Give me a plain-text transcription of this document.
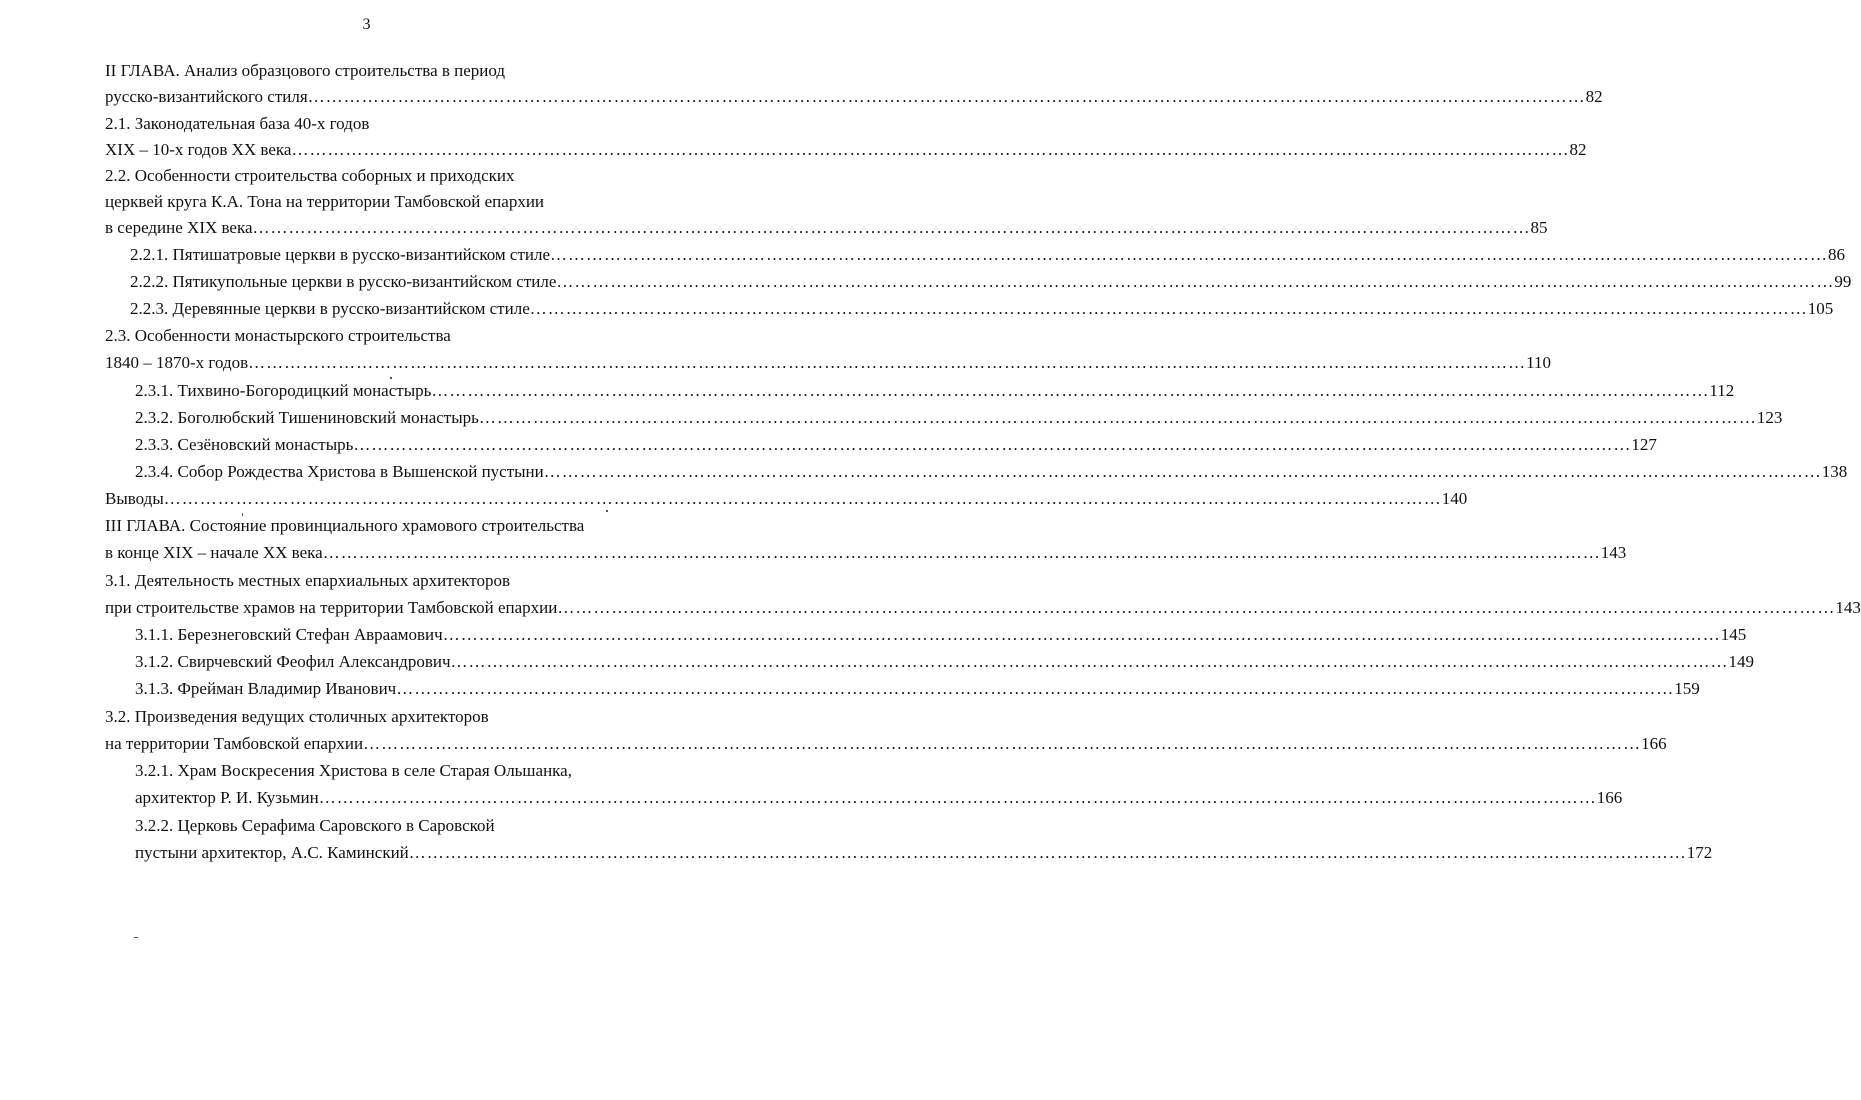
3
II ГЛАВА. Анализ образцового строительства в период
русско-византийского стиля …………………………………………………………………………………………………………………………………………………………………………………………… 82
2.1. Законодательная база 40-х годов
XIX – 10-х годов XX века …………………………………………………………………………………………………………………………………………………………………………………………… 82
2.2. Особенности строительства соборных и приходских
церквей круга К.А. Тона на территории Тамбовской епархии
в середине XIX века …………………………………………………………………………………………………………………………………………………………………………………………… 85
2.2.1. Пятишатровые церкви в русско-византийском стиле …………………………………………………………………………………………………………………………………………………………………………………………… 86
2.2.2. Пятикупольные церкви в русско-византийском стиле …………………………………………………………………………………………………………………………………………………………………………………………… 99
2.2.3. Деревянные церкви в русско-византийском стиле …………………………………………………………………………………………………………………………………………………………………………………………… 105
2.3. Особенности монастырского строительства
1840 – 1870-х годов …………………………………………………………………………………………………………………………………………………………………………………………… 110
2.3.1. Тихвино-Богородицкий монастырь …………………………………………………………………………………………………………………………………………………………………………………………… 112
2.3.2. Боголюбский Тишениновский монастырь …………………………………………………………………………………………………………………………………………………………………………………………… 123
2.3.3. Сезёновский монастырь …………………………………………………………………………………………………………………………………………………………………………………………… 127
2.3.4. Собор Рождества Христова в Вышенской пустыни …………………………………………………………………………………………………………………………………………………………………………………………… 138
Выводы …………………………………………………………………………………………………………………………………………………………………………………………… 140
III ГЛАВА. Состояние провинциального храмового строительства
в конце XIX – начале XX века …………………………………………………………………………………………………………………………………………………………………………………………… 143
3.1. Деятельность местных епархиальных архитекторов
при строительстве храмов на территории Тамбовской епархии …………………………………………………………………………………………………………………………………………………………………………………………… 143
3.1.1. Березнеговский Стефан Авраамович …………………………………………………………………………………………………………………………………………………………………………………………… 145
3.1.2. Свирчевский Феофил Александрович …………………………………………………………………………………………………………………………………………………………………………………………… 149
3.1.3. Фрейман Владимир Иванович …………………………………………………………………………………………………………………………………………………………………………………………… 159
3.2. Произведения ведущих столичных архитекторов
на территории Тамбовской епархии …………………………………………………………………………………………………………………………………………………………………………………………… 166
3.2.1. Храм Воскресения Христова в селе Старая Ольшанка,
архитектор Р. И. Кузьмин …………………………………………………………………………………………………………………………………………………………………………………………… 166
3.2.2. Церковь Серафима Саровского в Саровской
пустыни архитектор, А.С. Каминский …………………………………………………………………………………………………………………………………………………………………………………………… 172
